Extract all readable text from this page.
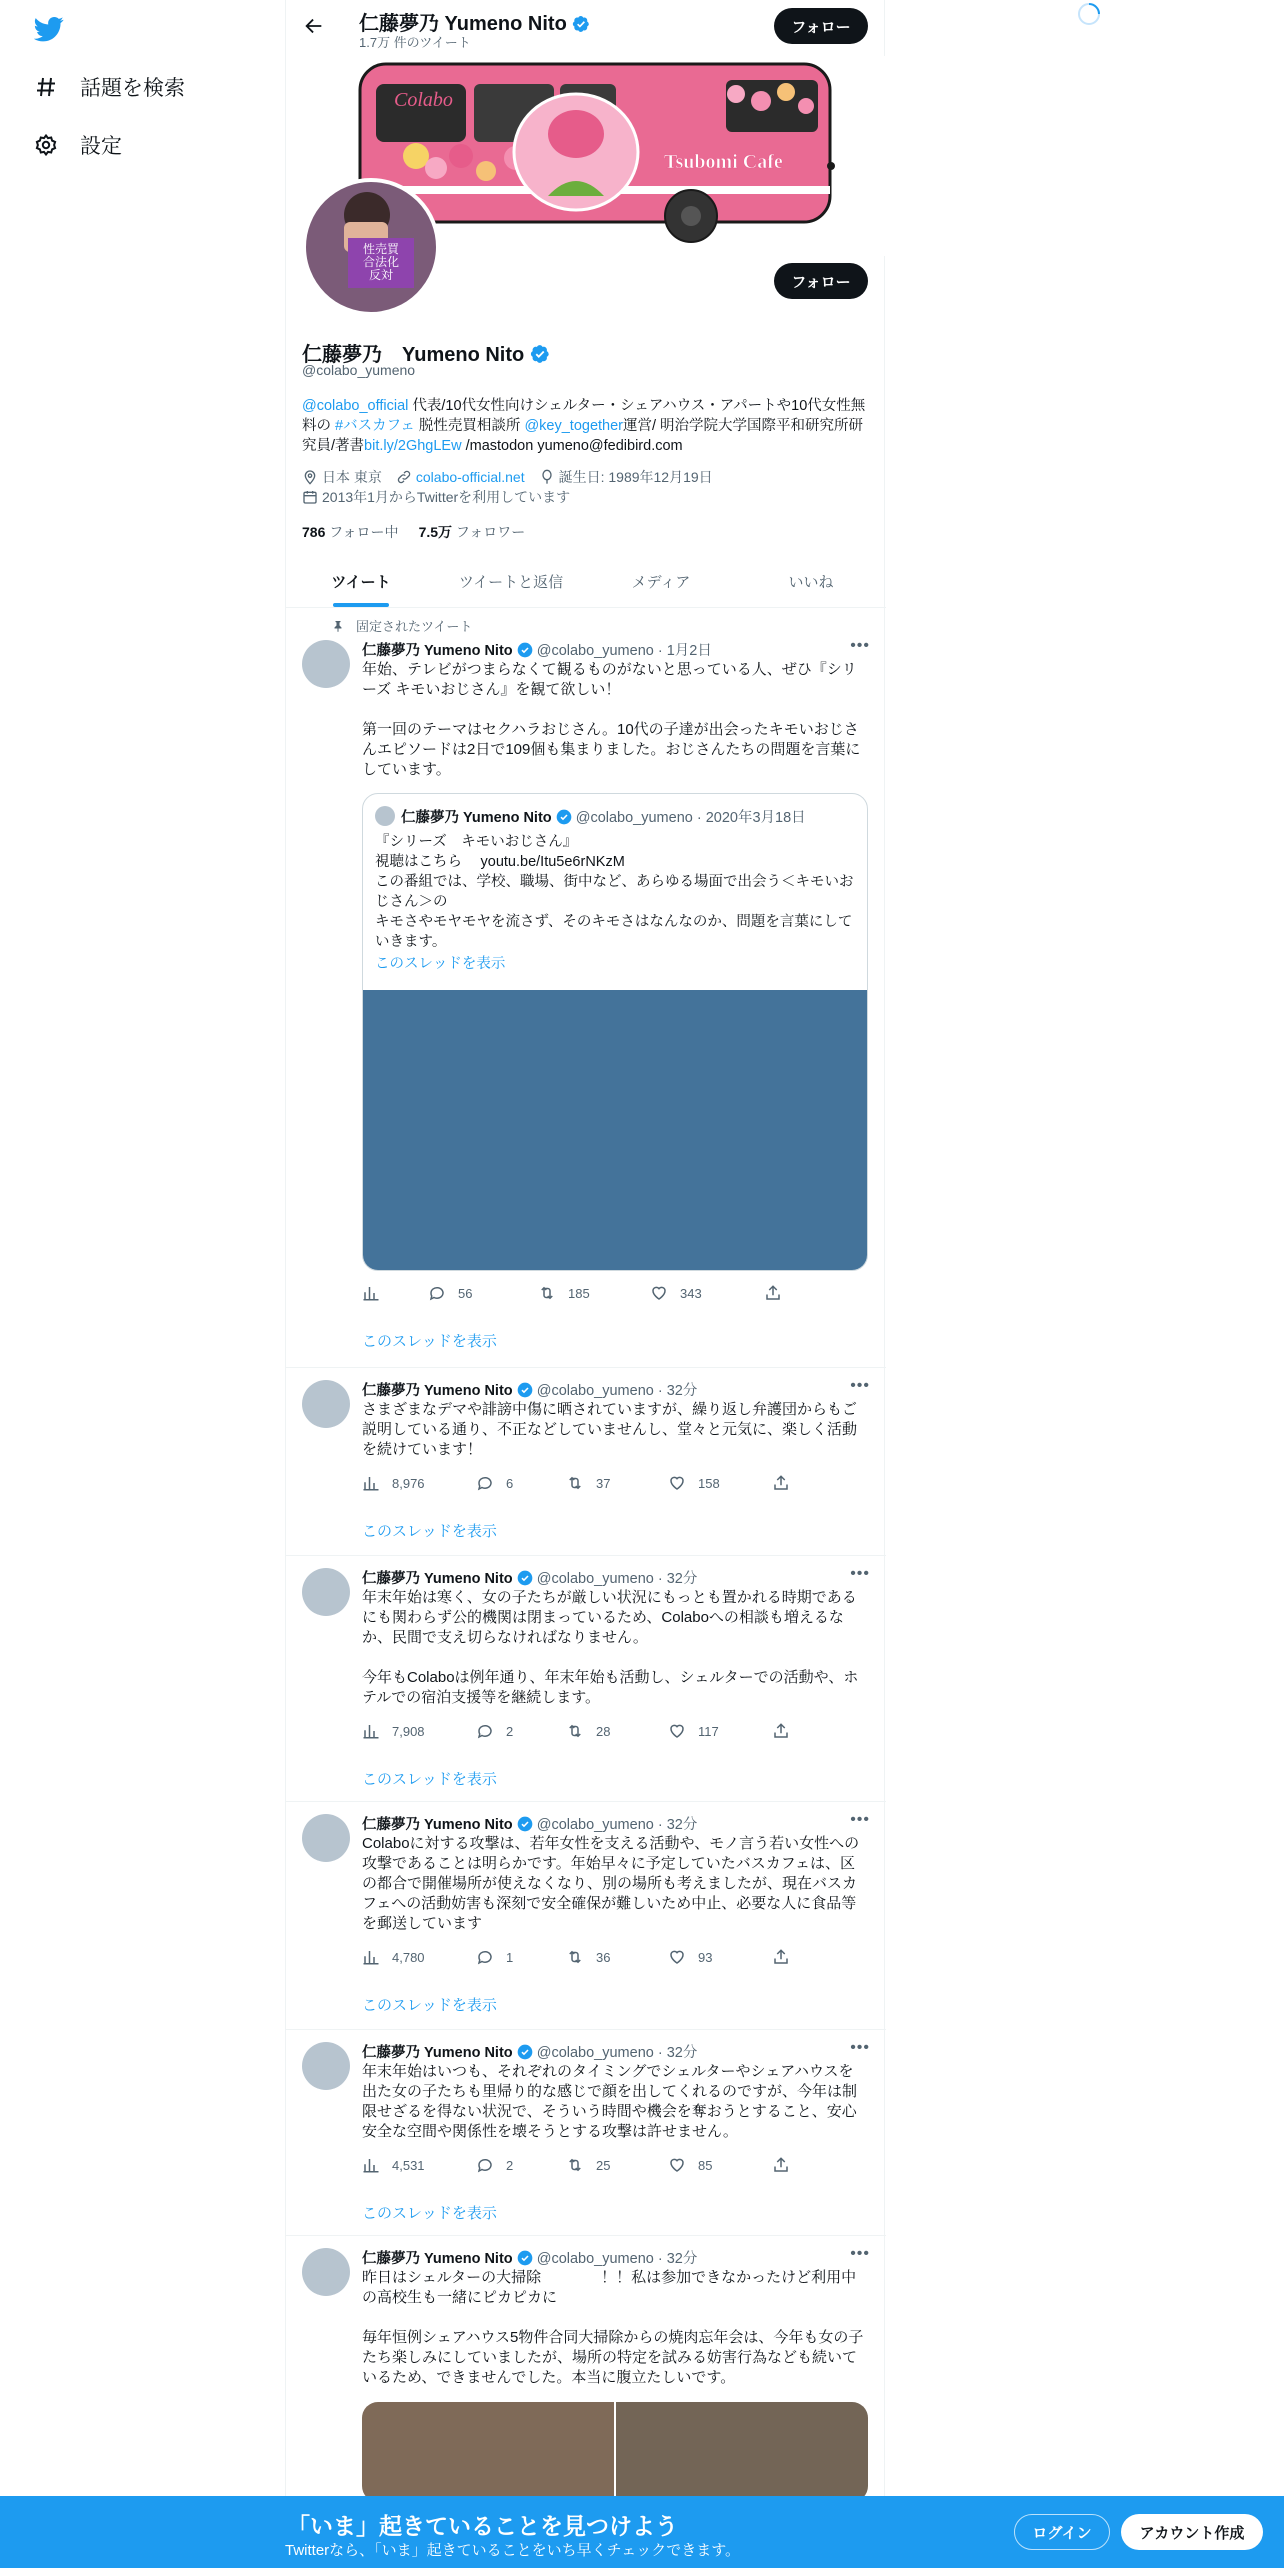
話題を検索
設定
仁藤夢乃 Yumeno Nito
1.7万 件のツイート
フォロー
Colabo
Tsubomi Cafe
性売買
合法化
反対	フォロー
仁藤夢乃　Yumeno Nito
@colabo_yumeno
@colabo_official 代表/10代女性向けシェルター・シェアハウス・アパートや10代女性無料の #バスカフェ 脱性売買相談所 @key_together運営/ 明治学院大学国際平和研究所研究員/著書bit.ly/2GhgLEw /mastodon yumeno@fedibird.com
日本 東京 colabo-official.net 誕生日: 1989年12月19日
2013年1月からTwitterを利用しています
786 フォロー中 7.5万 フォロワー
ツイート	ツイートと返信	メディア	いいね
固定されたツイート
仁藤夢乃 Yumeno Nito @colabo_yumeno · 1月2日	•••
年始、テレビがつまらなくて観るものがないと思っている人、ぜひ『シリーズ キモいおじさん』を観て欲しい！

第一回のテーマはセクハラおじさん。10代の子達が出会ったキモいおじさんエピソードは2日で109個も集まりました。おじさんたちの問題を言葉にしています。
仁藤夢乃 Yumeno Nito @colabo_yumeno · 2020年3月18日
『シリーズ　キモいおじさん』
視聴はこちら　 youtu.be/Itu5e6rNKzM
この番組では、学校、職場、街中など、あらゆる場面で出会う＜キモいおじさん＞の
キモさやモヤモヤを流さず、そのキモさはなんなのか、問題を言葉にしていきます。
このスレッドを表示
56	185	343
このスレッドを表示
仁藤夢乃 Yumeno Nito @colabo_yumeno · 32分	•••
昨日はシェルターの大掃除　　　　！！私は参加できなかったけど利用中の高校生も一緒にピカピカに

毎年恒例シェアハウス5物件合同大掃除からの焼肉忘年会は、今年も女の子たち楽しみにしていましたが、場所の特定を試みる妨害行為なども続いているため、できませんでした。本当に腹立たしいです。
仁藤夢乃 Yumeno Nito @colabo_yumeno · 32分	•••
さまざまなデマや誹謗中傷に晒されていますが、繰り返し弁護団からもご説明している通り、不正などしていませんし、堂々と元気に、楽しく活動を続けています！
8,976	6	37	158
このスレッドを表示
仁藤夢乃 Yumeno Nito @colabo_yumeno · 32分	•••
年末年始は寒く、女の子たちが厳しい状況にもっとも置かれる時期であるにも関わらず公的機関は閉まっているため、Colaboへの相談も増えるなか、民間で支え切らなければなりません。

今年もColaboは例年通り、年末年始も活動し、シェルターでの活動や、ホテルでの宿泊支援等を継続します。
7,908	2	28	117
このスレッドを表示
仁藤夢乃 Yumeno Nito @colabo_yumeno · 32分	•••
Colaboに対する攻撃は、若年女性を支える活動や、モノ言う若い女性への攻撃であることは明らかです。年始早々に予定していたバスカフェは、区の都合で開催場所が使えなくなり、別の場所も考えましたが、現在バスカフェへの活動妨害も深刻で安全確保が難しいため中止、必要な人に食品等を郵送しています
4,780	1	36	93
このスレッドを表示
仁藤夢乃 Yumeno Nito @colabo_yumeno · 32分	•••
年末年始はいつも、それぞれのタイミングでシェルターやシェアハウスを出た女の子たちも里帰り的な感じで顔を出してくれるのですが、今年は制限せざるを得ない状況で、そういう時間や機会を奪おうとすること、安心安全な空間や関係性を壊そうとする攻撃は許せません。
4,531	2	25	85
このスレッドを表示
「いま」起きていることを見つけよう
Twitterなら、「いま」起きていることをいち早くチェックできます。
ログイン	アカウント作成
